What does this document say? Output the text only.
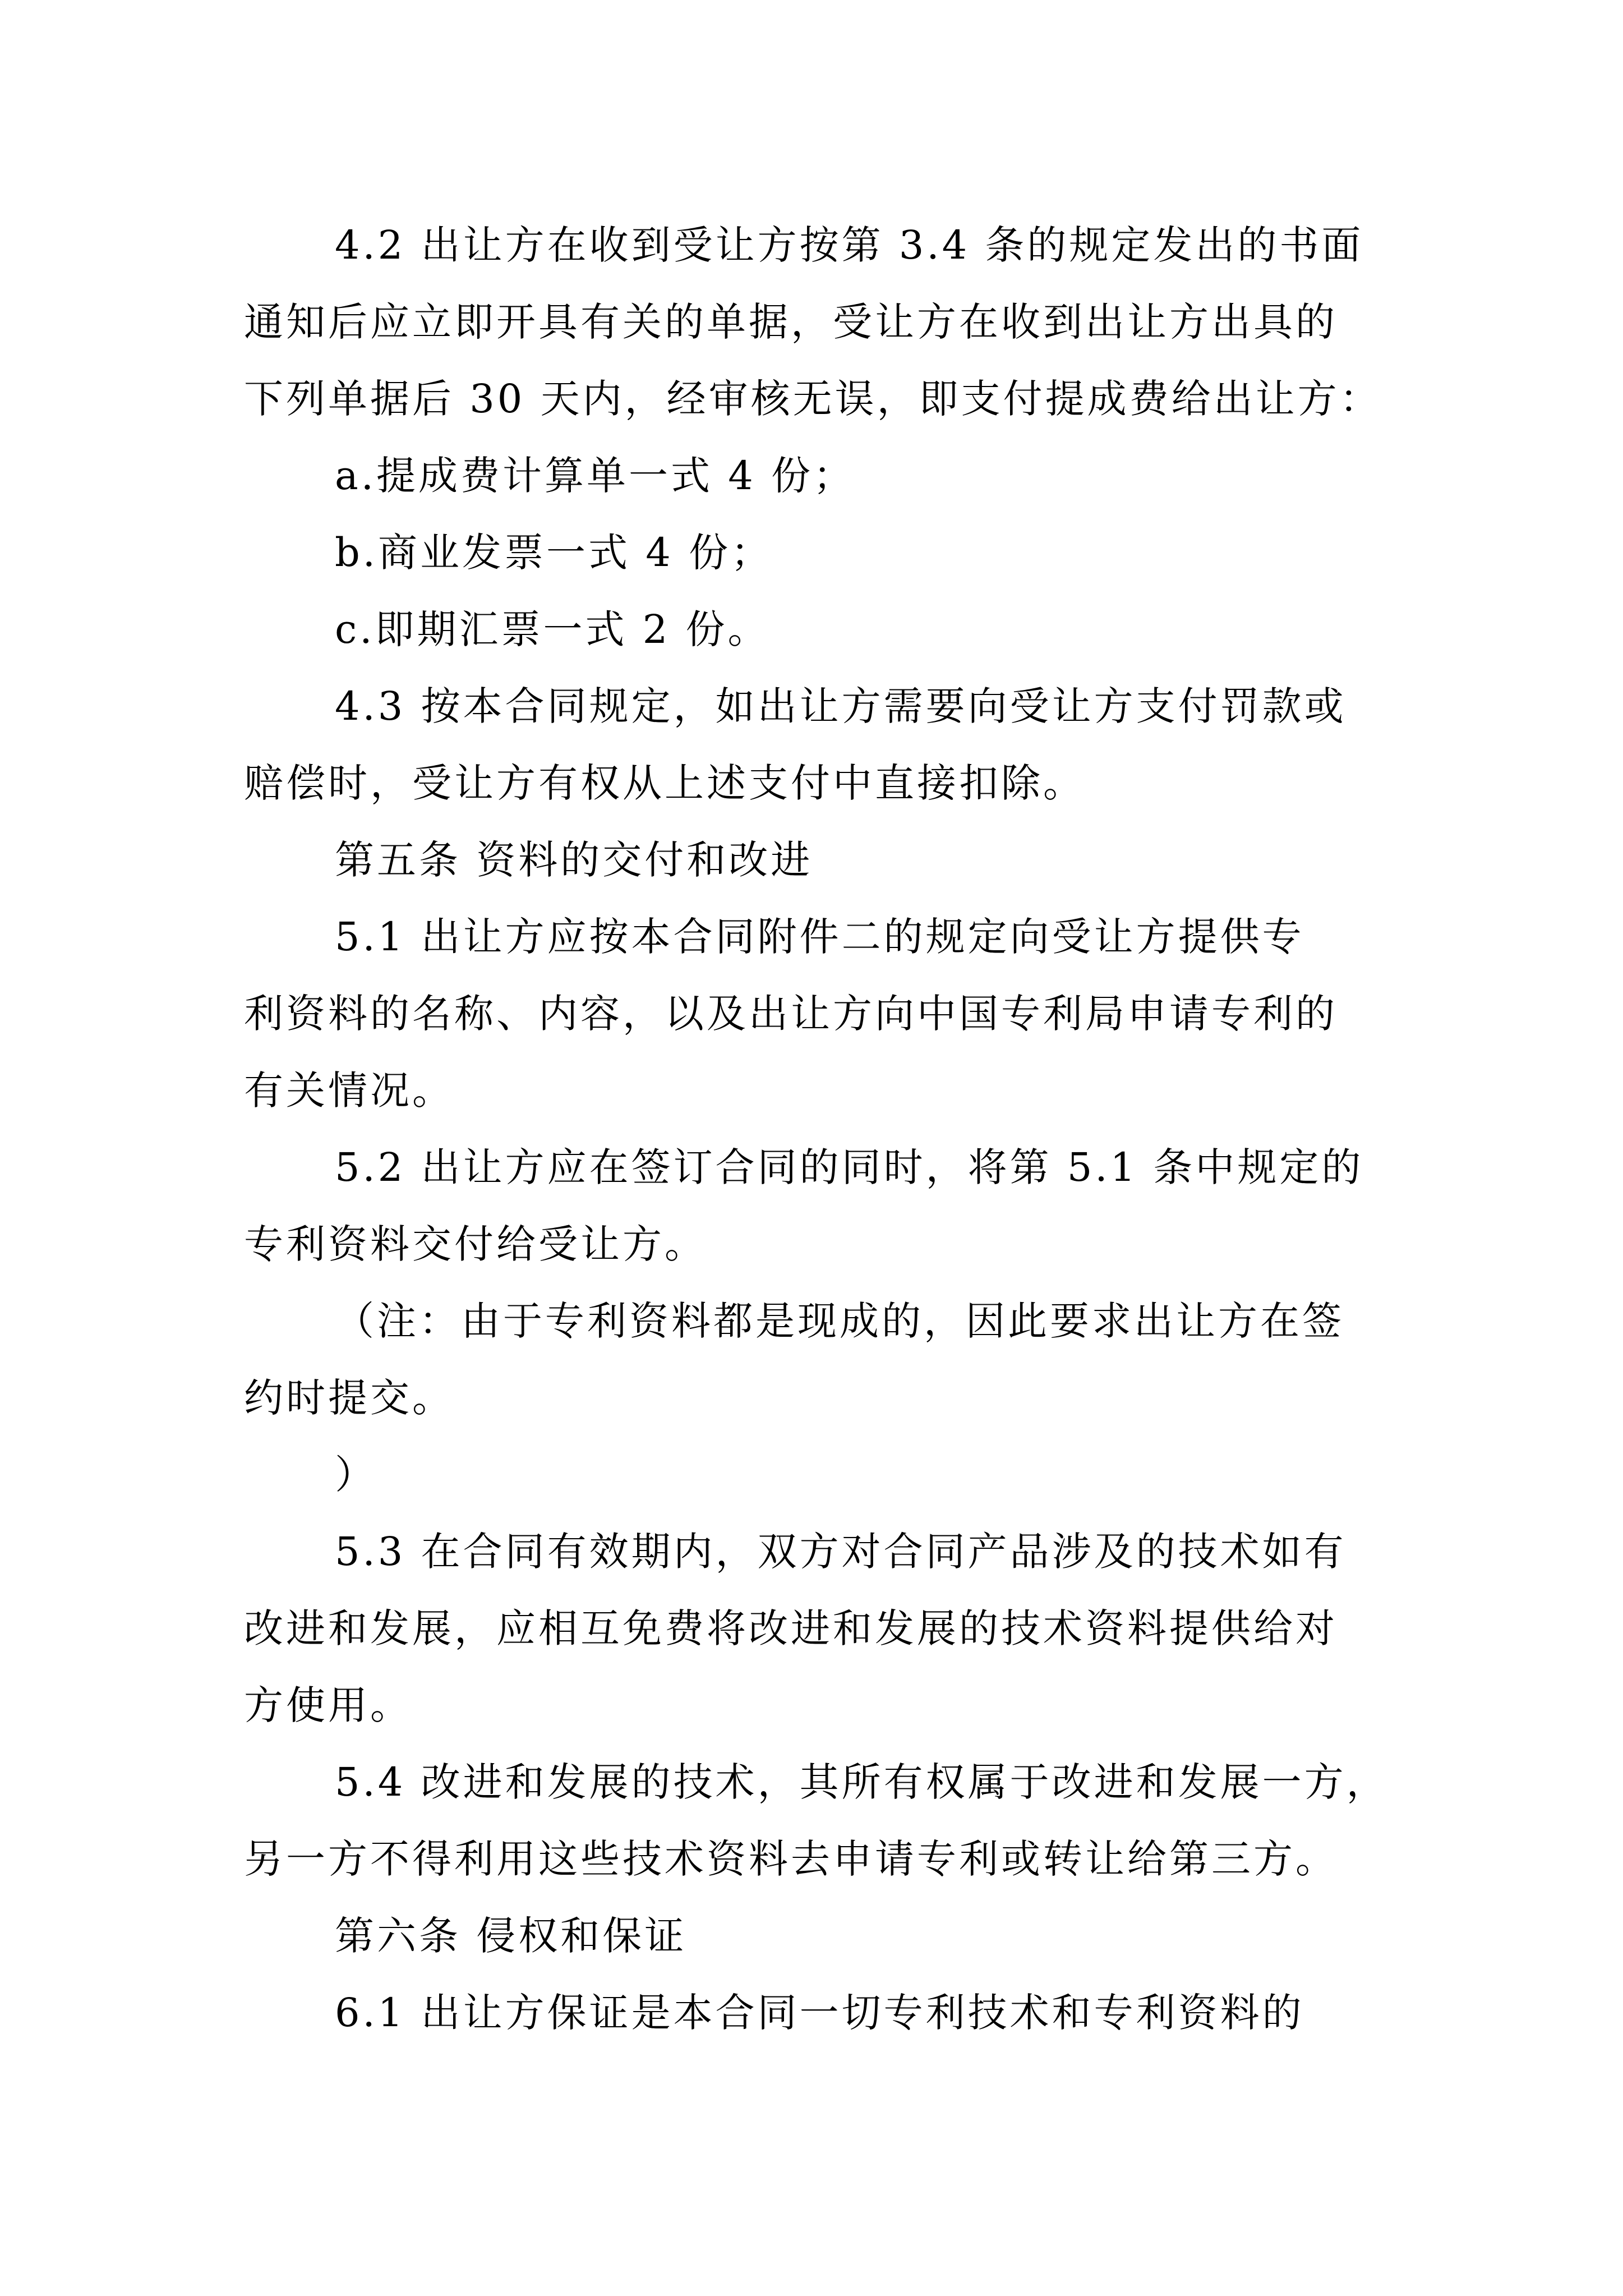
4.2 出让方在收到受让方按第 3.4 条的规定发出的书面
通知后应立即开具有关的单据，受让方在收到出让方出具的
下列单据后 30 天内，经审核无误，即支付提成费给出让方：
a.提成费计算单一式 4 份；
b.商业发票一式 4 份；
c.即期汇票一式 2 份。
4.3 按本合同规定，如出让方需要向受让方支付罚款或
赔偿时，受让方有权从上述支付中直接扣除。
第五条 资料的交付和改进
5.1 出让方应按本合同附件二的规定向受让方提供专
利资料的名称、内容，以及出让方向中国专利局申请专利的
有关情况。
5.2 出让方应在签订合同的同时，将第 5.1 条中规定的
专利资料交付给受让方。
（注：由于专利资料都是现成的，因此要求出让方在签
约时提交。
）
5.3 在合同有效期内，双方对合同产品涉及的技术如有
改进和发展，应相互免费将改进和发展的技术资料提供给对
方使用。
5.4 改进和发展的技术，其所有权属于改进和发展一方，
另一方不得利用这些技术资料去申请专利或转让给第三方。
第六条 侵权和保证
6.1 出让方保证是本合同一切专利技术和专利资料的
